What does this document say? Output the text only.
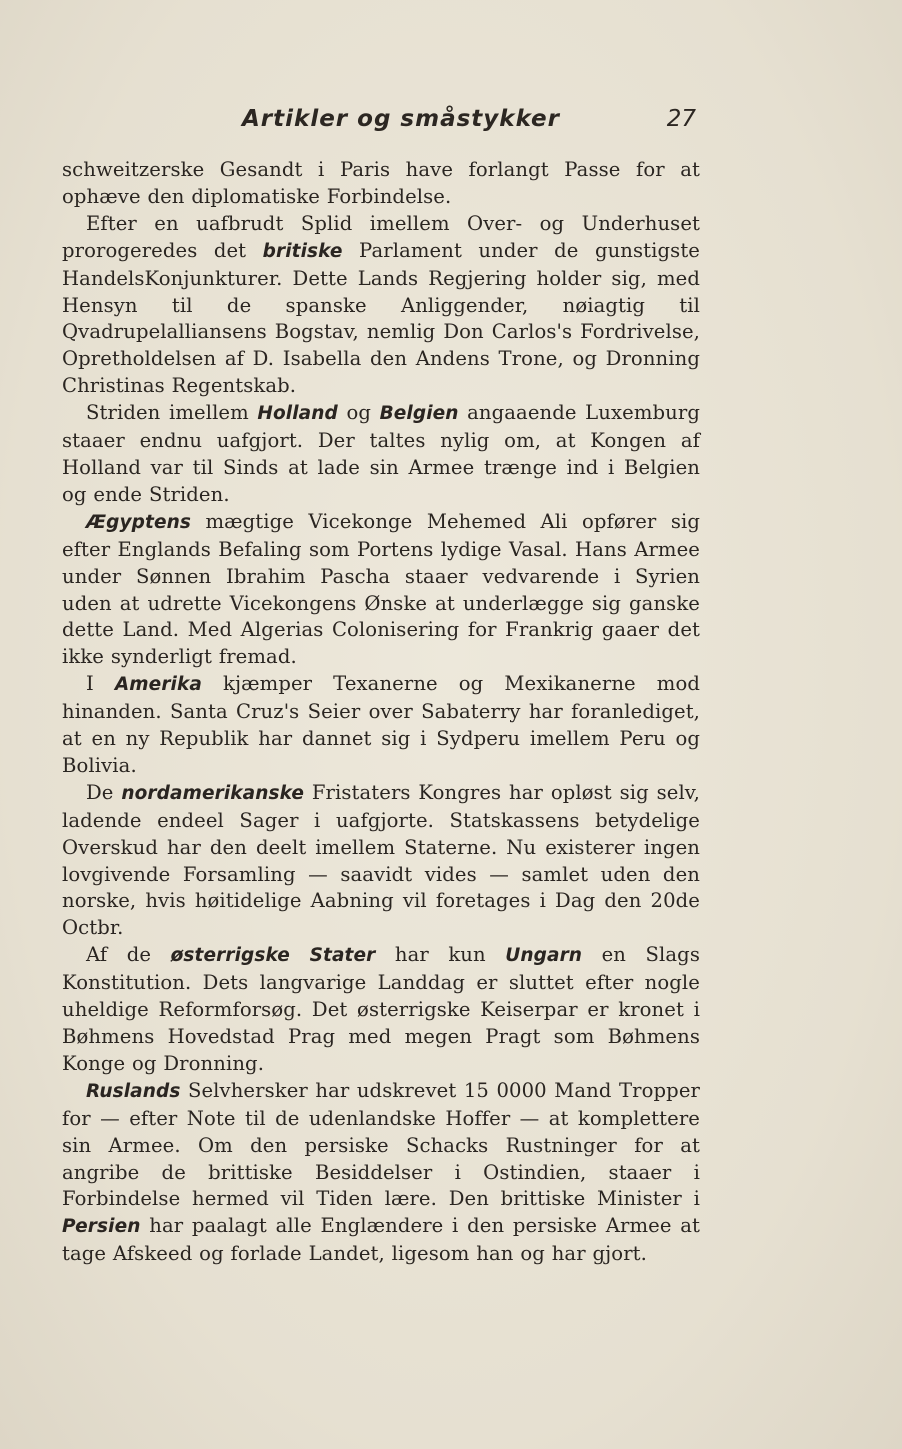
Artikler og småstykker	27

schweitzerske Gesandt i Paris have forlangt Passe for at ophæve den diplomatiske Forbindelse.

Efter en uafbrudt Splid imellem Over- og Underhuset prorogeredes det britiske Parlament under de gunstigste HandelsKonjunkturer. Dette Lands Regjering holder sig, med Hensyn til de spanske Anliggender, nøiagtig til Qvadrupelalliansens Bogstav, nemlig Don Carlos's Fordrivelse, Opretholdelsen af D. Isabella den Andens Trone, og Dronning Christinas Regentskab.

Striden imellem Holland og Belgien angaaende Luxemburg staaer endnu uafgjort. Der taltes nylig om, at Kongen af Holland var til Sinds at lade sin Armee trænge ind i Belgien og ende Striden.

Ægyptens mægtige Vicekonge Mehemed Ali opfører sig efter Englands Befaling som Portens lydige Vasal. Hans Armee under Sønnen Ibrahim Pascha staaer vedvarende i Syrien uden at udrette Vicekongens Ønske at underlægge sig ganske dette Land. Med Algerias Colonisering for Frankrig gaaer det ikke synderligt fremad.

I Amerika kjæmper Texanerne og Mexikanerne mod hinanden. Santa Cruz's Seier over Sabaterry har foranlediget, at en ny Republik har dannet sig i Sydperu imellem Peru og Bolivia.

De nordamerikanske Fristaters Kongres har opløst sig selv, ladende endeel Sager i uafgjorte. Statskassens betydelige Overskud har den deelt imellem Staterne. Nu existerer ingen lovgivende Forsamling — saavidt vides — samlet uden den norske, hvis høitidelige Aabning vil foretages i Dag den 20de Octbr.

Af de østerrigske Stater har kun Ungarn en Slags Konstitution. Dets langvarige Landdag er sluttet efter nogle uheldige Reformforsøg. Det østerrigske Keiserpar er kronet i Bøhmens Hovedstad Prag med megen Pragt som Bøhmens Konge og Dronning.

Ruslands Selvhersker har udskrevet 15 0000 Mand Tropper for — efter Note til de udenlandske Hoffer — at komplettere sin Armee. Om den persiske Schacks Rustninger for at angribe de brittiske Besiddelser i Ostindien, staaer i Forbindelse hermed vil Tiden lære. Den brittiske Minister i Persien har paalagt alle Englændere i den persiske Armee at tage Afskeed og forlade Landet, ligesom han og har gjort.
